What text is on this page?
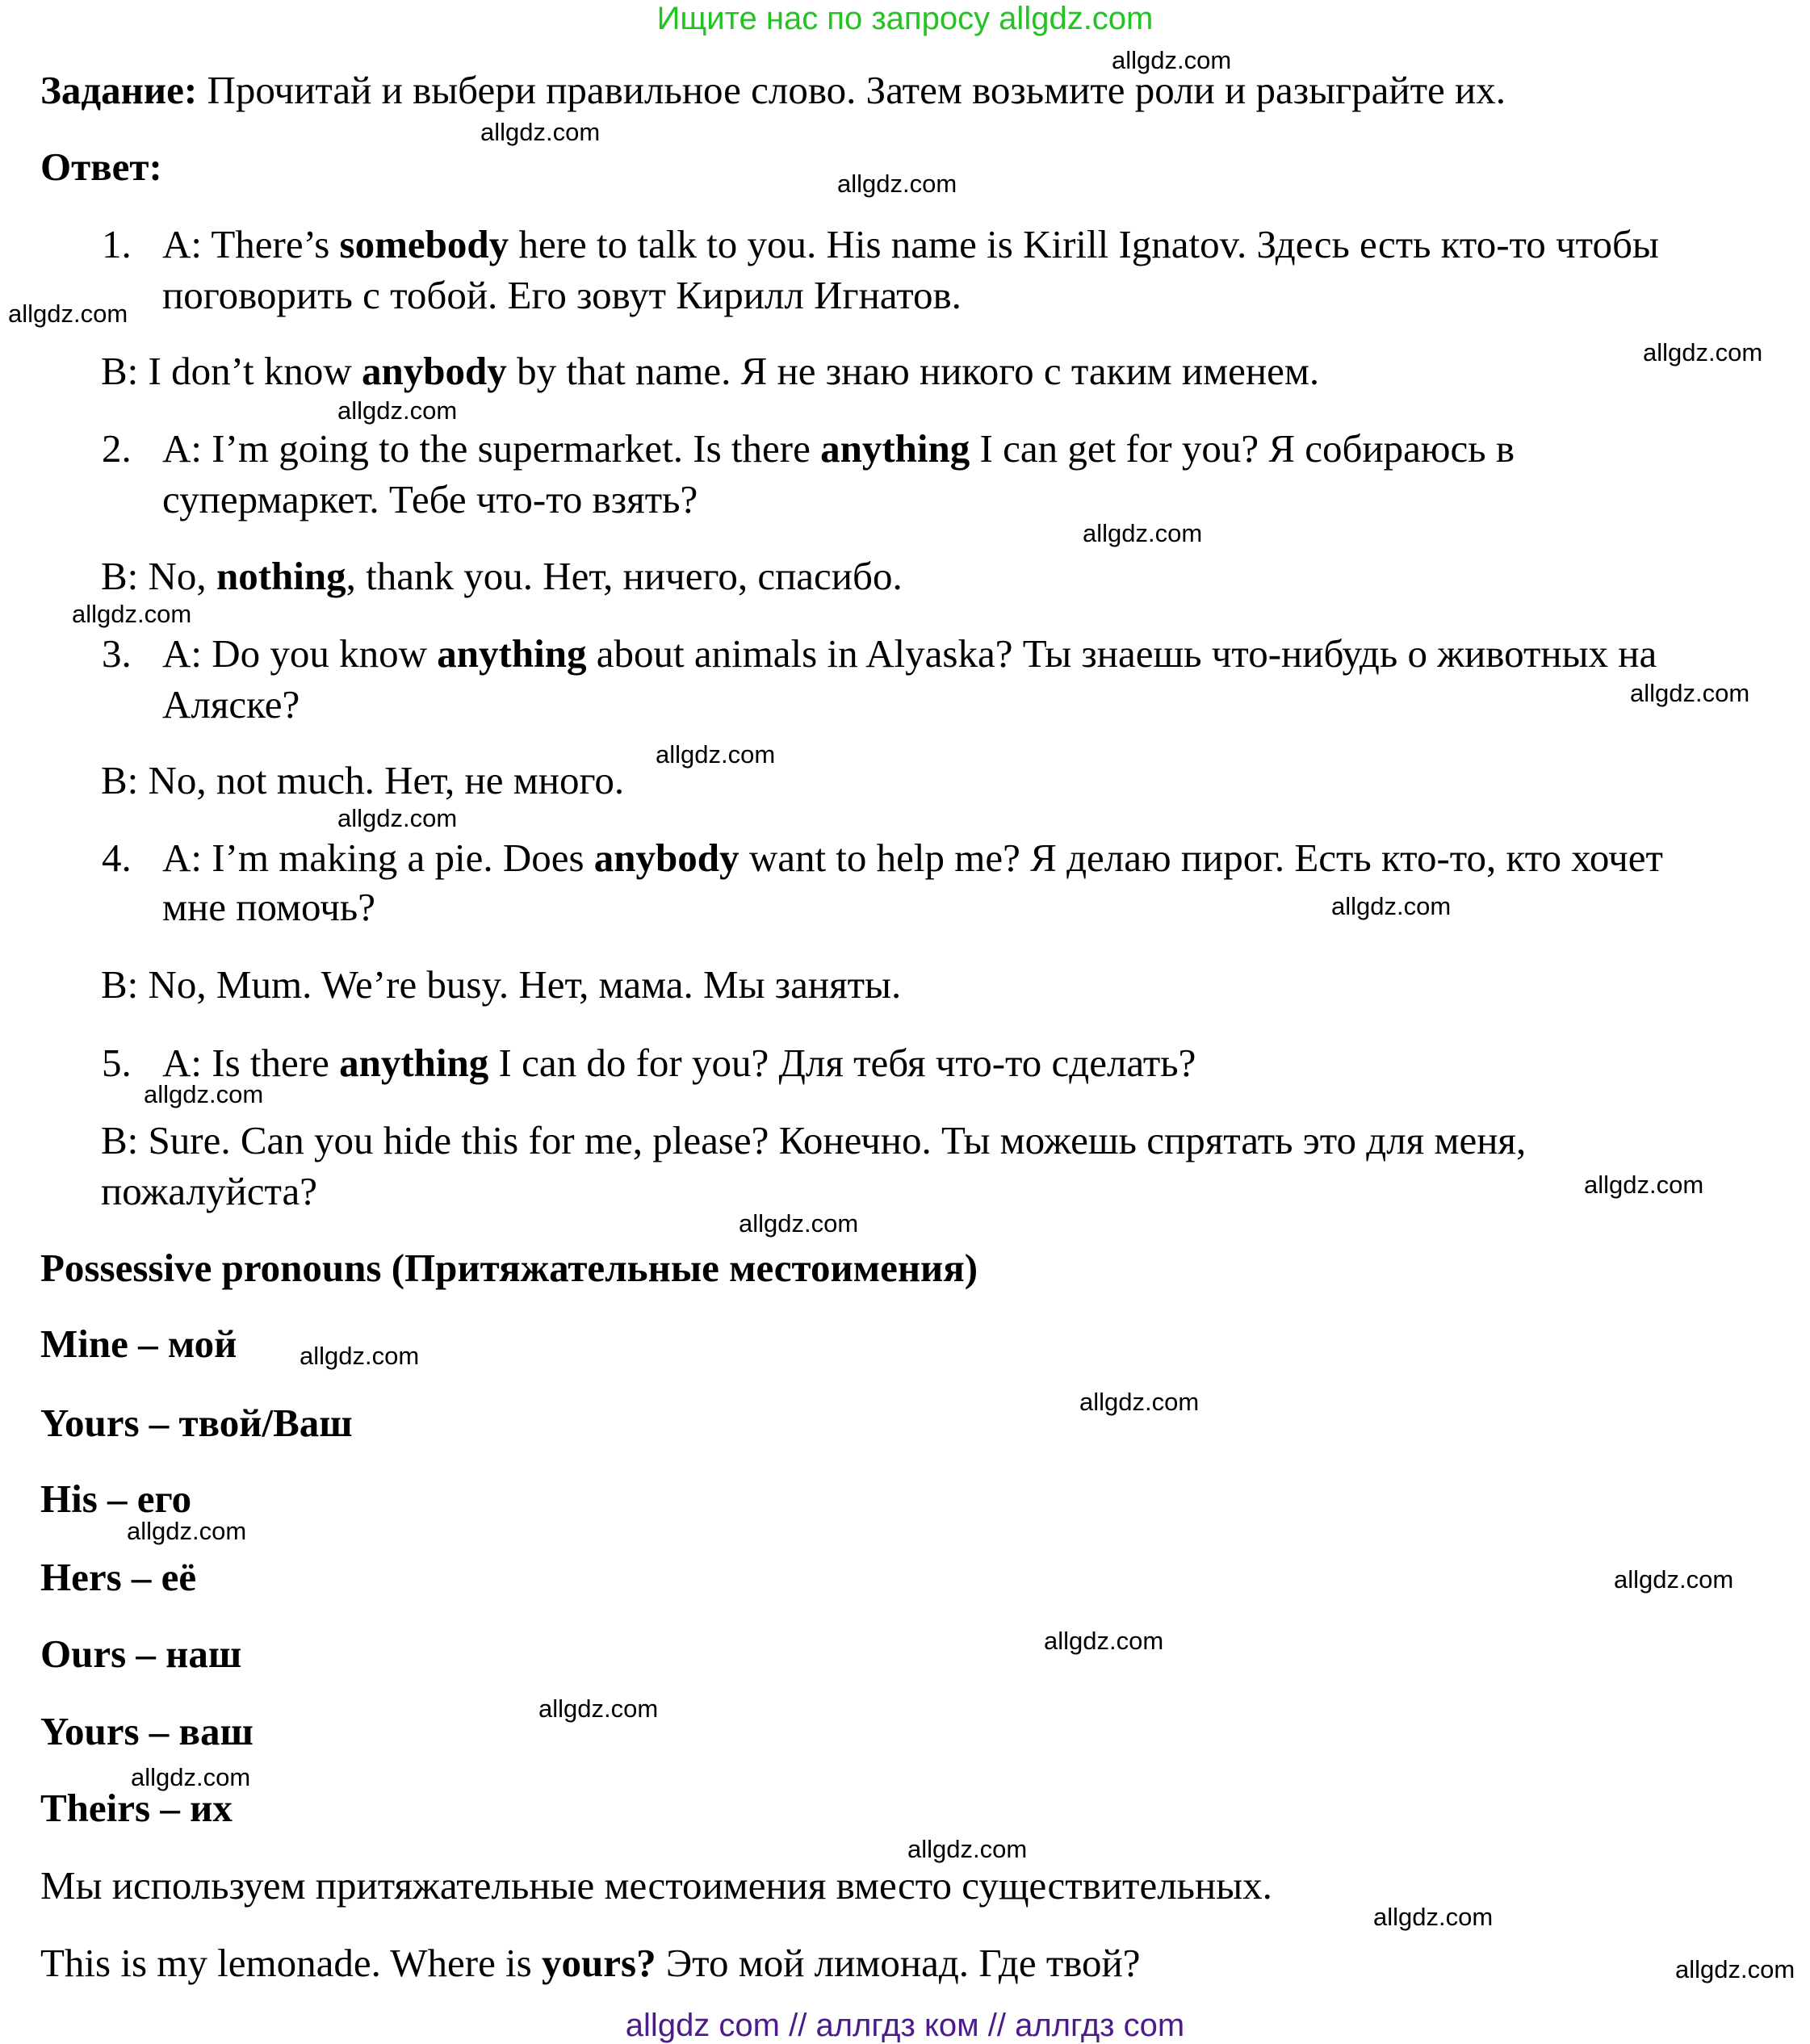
Ищите нас по запросу allgdz.com
Задание: Прочитай и выбери правильное слово. Затем возьмите роли и разыграйте их.
Ответ:
A: There’s somebody here to talk to you. His name is Kirill Ignatov. Здесь есть кто-то чтобы
поговорить с тобой. Его зовут Кирилл Игнатов.
B: I don’t know anybody by that name. Я не знаю никого с таким именем.
A: I’m going to the supermarket. Is there anything I can get for you? Я собираюсь в
супермаркет. Тебе что-то взять?
B: No, nothing, thank you. Нет, ничего, спасибо.
A: Do you know anything about animals in Alyaska? Ты знаешь что-нибудь о животных на
Аляске?
B: No, not much. Нет, не много.
A: I’m making a pie. Does anybody want to help me? Я делаю пирог. Есть кто-то, кто хочет
мне помочь?
B: No, Mum. We’re busy. Нет, мама. Мы заняты.
A: Is there anything I can do for you? Для тебя что-то сделать?
B: Sure. Can you hide this for me, please? Конечно. Ты можешь спрятать это для меня,
пожалуйста?
Possessive pronouns (Притяжательные местоимения)
Mine – мой
Yours – твой/Ваш
His – его
Hers – её
Ours – наш
Yours – ваш
Theirs – их
Мы используем притяжательные местоимения вместо существительных.
This is my lemonade. Where is yours? Это мой лимонад. Где твой?
1.
2.
3.
4.
5.
allgdz.com
allgdz.com
allgdz.com
allgdz.com
allgdz.com
allgdz.com
allgdz.com
allgdz.com
allgdz.com
allgdz.com
allgdz.com
allgdz.com
allgdz.com
allgdz.com
allgdz.com
allgdz.com
allgdz.com
allgdz.com
allgdz.com
allgdz.com
allgdz.com
allgdz.com
allgdz.com
allgdz.com
allgdz.com
allgdz com // аллгдз ком // аллгдз com
